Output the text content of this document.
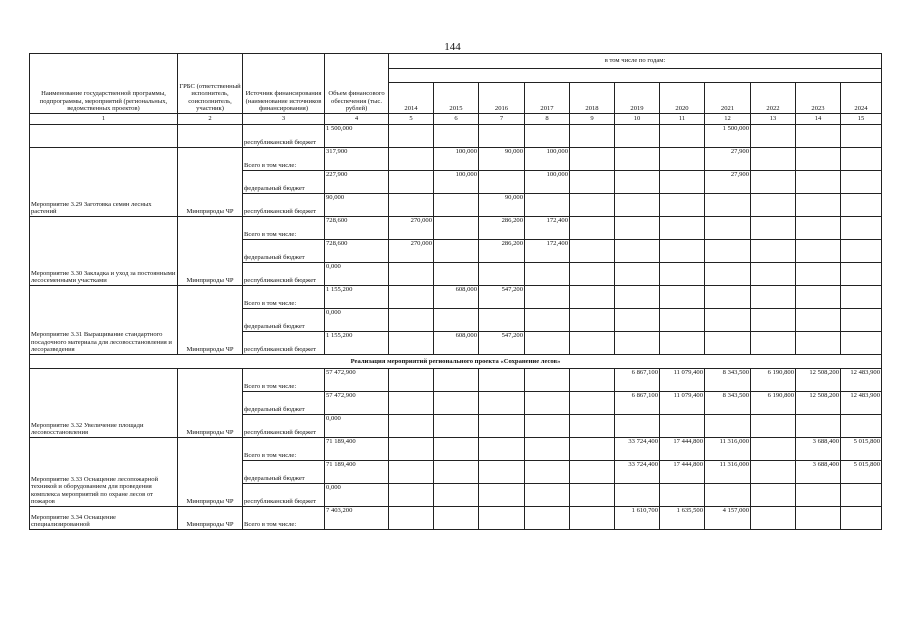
144
Наименование государственной программы, подпрограммы, мероприятий (региональных, ведомственных проектов)	ГРБС (ответственный исполнитель, соисполнитель, участник)	Источник финансирования (наименование источников финансирования)	Объем финансового обеспечения (тыс. рублей)	в том числе по годам:										

				2014	2015	2016	2017	2018	2019	2020	2021	2022	2023	2024
1	2	3	4	5	6	7	8	9	10	11	12	13	14	15
		республиканский бюджет	1 500,000								1 500,000			
Мероприятие 3.29 Заготовка семян лесных растений	Минприроды ЧР	Всего в том числе:	317,900		100,000	90,000	100,000				27,900			
		федеральный бюджет	227,900		100,000		100,000				27,900			
		республиканский бюджет	90,000			90,000								
Мероприятие 3.30 Закладка и уход за постоянными лесосеменными участками	Минприроды ЧР	Всего в том числе:	728,600	270,000		286,200	172,400							
		федеральный бюджет	728,600	270,000		286,200	172,400							
		республиканский бюджет	0,000											
Мероприятие 3.31 Выращивание стандартного посадочного материала для лесовосстановления и лесоразведения	Минприроды ЧР	Всего в том числе:	1 155,200		608,000	547,200								
		федеральный бюджет	0,000											
		республиканский бюджет	1 155,200		608,000	547,200								
Реализация мероприятий регионального проекта «Сохранение лесов»														
Мероприятие 3.32 Увеличение площади лесовосстановления	Минприроды ЧР	Всего в том числе:	57 472,900						6 867,100	11 079,400	8 343,500	6 190,800	12 508,200	12 483,900
		федеральный бюджет	57 472,900						6 867,100	11 079,400	8 343,500	6 190,800	12 508,200	12 483,900
		республиканский бюджет	0,000											
Мероприятие 3.33 Оснащение лесопожарной техникой и оборудованием для проведения комплекса мероприятий по охране лесов от пожаров	Минприроды ЧР	Всего в том числе:	71 189,400						33 724,400	17 444,800	11 316,000		3 688,400	5 015,800
		федеральный бюджет	71 189,400						33 724,400	17 444,800	11 316,000		3 688,400	5 015,800
		республиканский бюджет	0,000											
Мероприятие 3.34 Оснащение специализированной	Минприроды ЧР	Всего в том числе:	7 403,200						1 610,700	1 635,500	4 157,000			
